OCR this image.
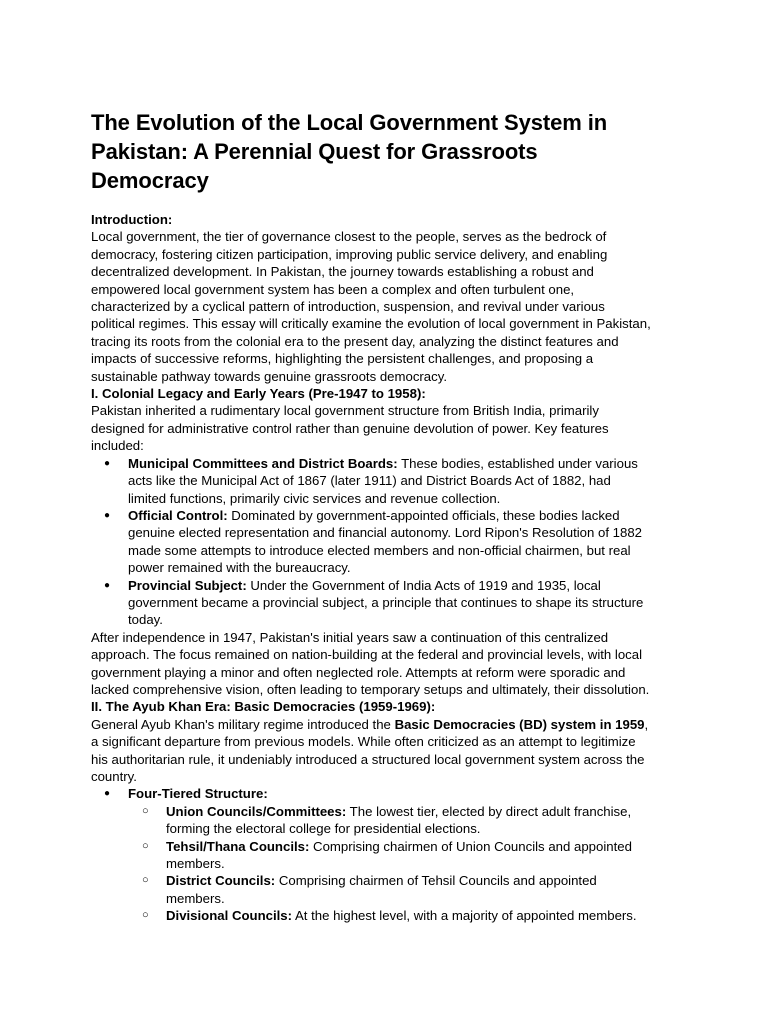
The Evolution of the Local Government System in
Pakistan: A Perennial Quest for Grassroots
Democracy

Introduction:

Local government, the tier of governance closest to the people, serves as the bedrock of
democracy, fostering citizen participation, improving public service delivery, and enabling
decentralized development. In Pakistan, the journey towards establishing a robust and
empowered local government system has been a complex and often turbulent one,
characterized by a cyclical pattern of introduction, suspension, and revival under various
political regimes. This essay will critically examine the evolution of local government in Pakistan,
tracing its roots from the colonial era to the present day, analyzing the distinct features and
impacts of successive reforms, highlighting the persistent challenges, and proposing a
sustainable pathway towards genuine grassroots democracy.

I. Colonial Legacy and Early Years (Pre-1947 to 1958):

Pakistan inherited a rudimentary local government structure from British India, primarily
designed for administrative control rather than genuine devolution of power. Key features
included:

● Municipal Committees and District Boards: These bodies, established under various
acts like the Municipal Act of 1867 (later 1911) and District Boards Act of 1882, had
limited functions, primarily civic services and revenue collection.
● Official Control: Dominated by government-appointed officials, these bodies lacked
genuine elected representation and financial autonomy. Lord Ripon's Resolution of 1882
made some attempts to introduce elected members and non-official chairmen, but real
power remained with the bureaucracy.
● Provincial Subject: Under the Government of India Acts of 1919 and 1935, local
government became a provincial subject, a principle that continues to shape its structure
today.

After independence in 1947, Pakistan's initial years saw a continuation of this centralized
approach. The focus remained on nation-building at the federal and provincial levels, with local
government playing a minor and often neglected role. Attempts at reform were sporadic and
lacked comprehensive vision, often leading to temporary setups and ultimately, their dissolution.

II. The Ayub Khan Era: Basic Democracies (1959-1969):

General Ayub Khan's military regime introduced the Basic Democracies (BD) system in 1959,
a significant departure from previous models. While often criticized as an attempt to legitimize
his authoritarian rule, it undeniably introduced a structured local government system across the
country.

● Four-Tiered Structure:
○ Union Councils/Committees: The lowest tier, elected by direct adult franchise,
forming the electoral college for presidential elections.
○ Tehsil/Thana Councils: Comprising chairmen of Union Councils and appointed
members.
○ District Councils: Comprising chairmen of Tehsil Councils and appointed
members.
○ Divisional Councils: At the highest level, with a majority of appointed members.
